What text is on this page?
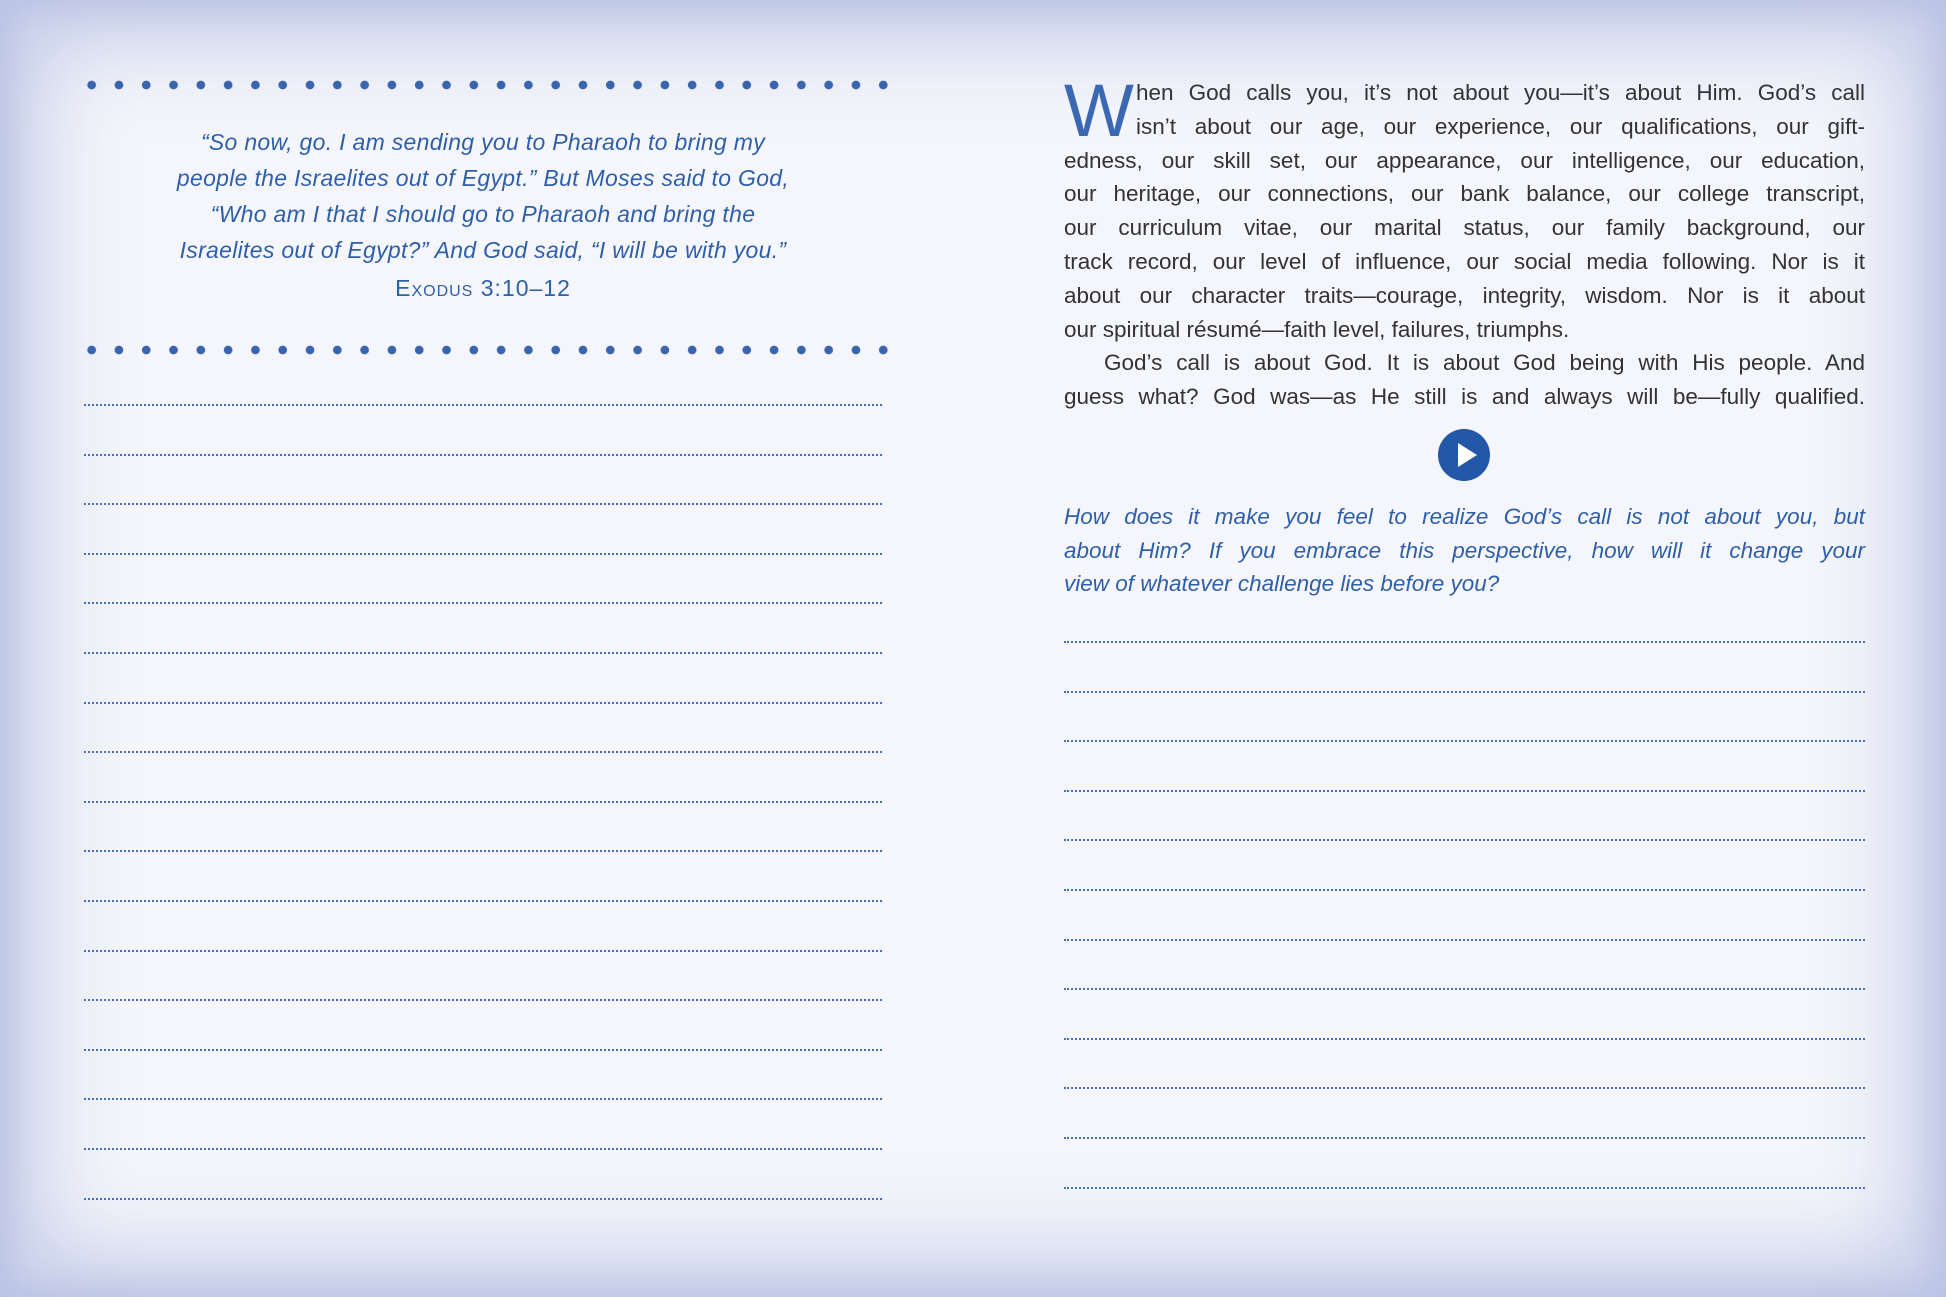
“So now, go. I am sending you to Pharaoh to bring my
people the Israelites out of Egypt.” But Moses said to God,
“Who am I that I should go to Pharaoh and bring the
Israelites out of Egypt?” And God said, “I will be with you.”
Exodus 3:10–12
W hen God calls you, it’s not about you—it’s about Him. God’s call
isn’t about our age, our experience, our qualifications, our gift-
edness, our skill set, our appearance, our intelligence, our education,
our heritage, our connections, our bank balance, our college transcript,
our curriculum vitae, our marital status, our family background, our
track record, our level of influence, our social media following. Nor is it
about our character traits—courage, integrity, wisdom. Nor is it about
our spiritual résumé—faith level, failures, triumphs.
God’s call is about God. It is about God being with His people. And
guess what? God was—as He still is and always will be—fully qualified.
How does it make you feel to realize God’s call is not about you, but
about Him? If you embrace this perspective, how will it change your
view of whatever challenge lies before you?
